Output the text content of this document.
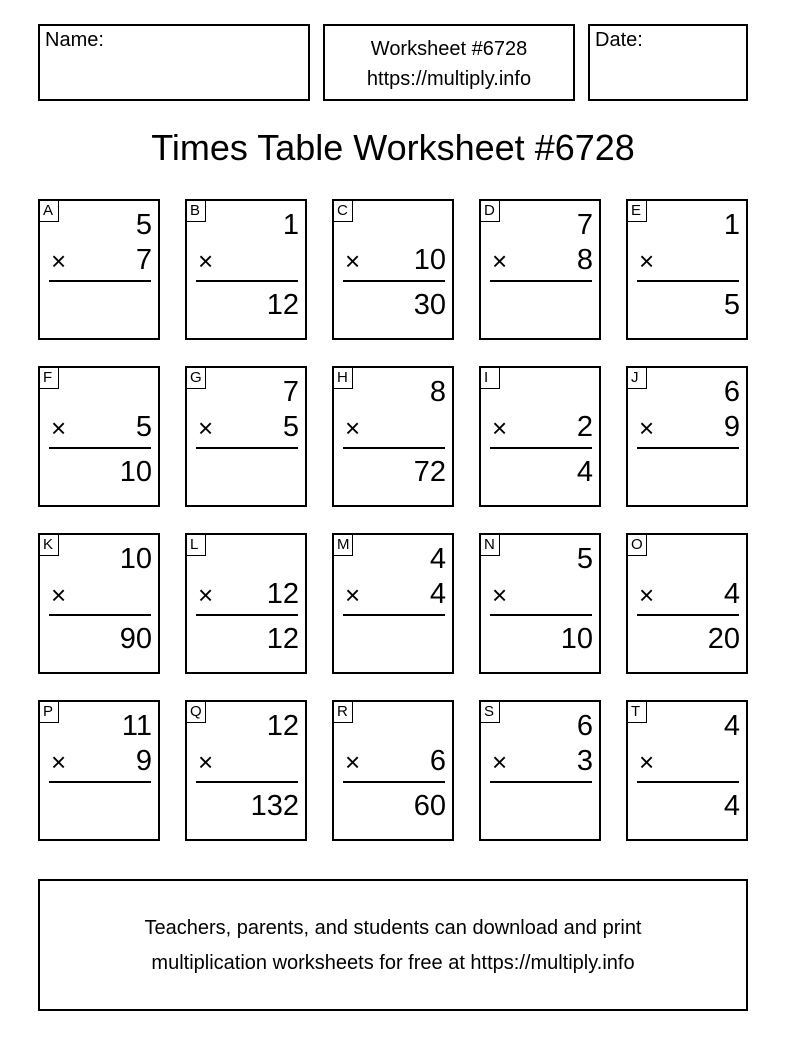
Name:	Worksheet #6728
https://multiply.info
Date:
Times Table Worksheet #6728
A	5
× 7
B	1
×
12
C
× 10
30
D	7
× 8
E	1
×
5
F
× 5
10
G	7
× 5
H	8
×
72
I
× 2
4
J	6
× 9
K 10
×
90
L
× 12
12
M	4
× 4
N	5
×
10
O
× 4
20
P 11
× 9
Q 12
×
132
R
× 6
60
S	6
× 3
T	4
×
4
Teachers, parents, and students can download and print
multiplication worksheets for free at https://multiply.info
